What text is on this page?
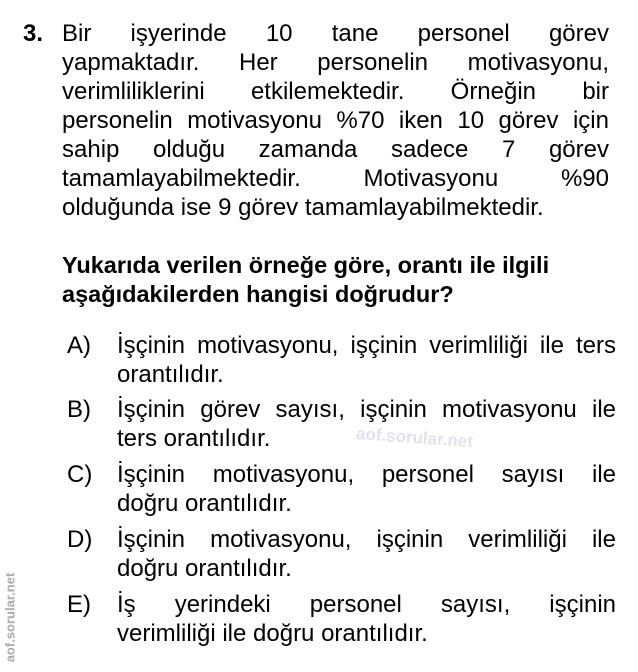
3. Bir işyerinde 10 tane personel görev
yapmaktadır. Her personelin motivasyonu,
verimliliklerini etkilemektedir. Örneğin bir
personelin motivasyonu %70 iken 10 görev için
sahip olduğu zamanda sadece 7 görev
tamamlayabilmektedir. Motivasyonu %90
olduğunda ise 9 görev tamamlayabilmektedir.
Yukarıda verilen örneğe göre, orantı ile ilgili
aşağıdakilerden hangisi doğrudur?
A) İşçinin motivasyonu, işçinin verimliliği ile ters
orantılıdır.
B) İşçinin görev sayısı, işçinin motivasyonu ile
ters orantılıdır.
C) İşçinin motivasyonu, personel sayısı ile
doğru orantılıdır.
D) İşçinin motivasyonu, işçinin verimliliği ile
doğru orantılıdır.
E) İş yerindeki personel sayısı, işçinin
verimliliği ile doğru orantılıdır.
aof.sorular.net
aof.sorular.net
